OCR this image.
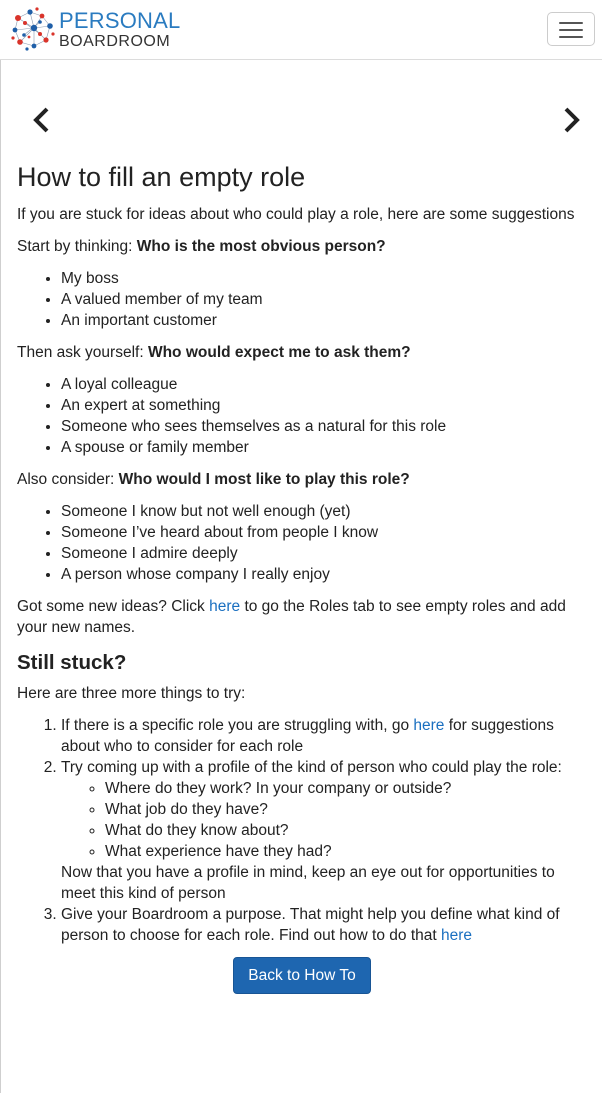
PERSONAL
BOARDROOM
How to fill an empty role

If you are stuck for ideas about who could play a role, here are some suggestions

Start by thinking: Who is the most obvious person?

• My boss
• A valued member of my team
• An important customer

Then ask yourself: Who would expect me to ask them?

• A loyal colleague
• An expert at something
• Someone who sees themselves as a natural for this role
• A spouse or family member

Also consider: Who would I most like to play this role?

• Someone I know but not well enough (yet)
• Someone I’ve heard about from people I know
• Someone I admire deeply
• A person whose company I really enjoy

Got some new ideas? Click here to go the Roles tab to see empty roles and add your new names.

Still stuck?

Here are three more things to try:

1. If there is a specific role you are struggling with, go here for suggestions about who to consider for each role
2. Try coming up with a profile of the kind of person who could play the role:
◦ Where do they work? In your company or outside?
◦ What job do they have?
◦ What do they know about?
◦ What experience have they had?
Now that you have a profile in mind, keep an eye out for opportunities to meet this kind of person
3. Give your Boardroom a purpose. That might help you define what kind of person to choose for each role. Find out how to do that here
Back to How To
